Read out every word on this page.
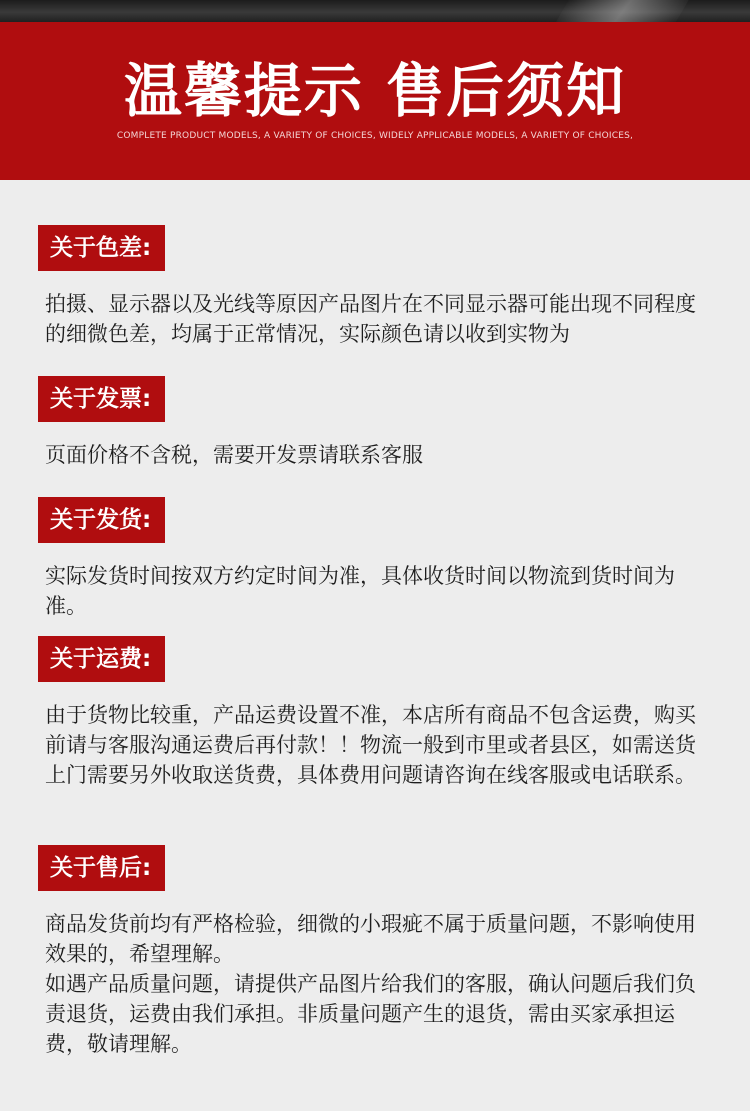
温馨提示 售后须知
COMPLETE PRODUCT MODELS, A VARIETY OF CHOICES, WIDELY APPLICABLE MODELS, A VARIETY OF CHOICES,
关于色差:

拍摄、显示器以及光线等原因产品图片在不同显示器可能出现不同程度的细微色差，均属于正常情况，实际颜色请以收到实物为

关于发票:

页面价格不含税，需要开发票请联系客服

关于发货:

实际发货时间按双方约定时间为准，具体收货时间以物流到货时间为准。

关于运费:

由于货物比较重，产品运费设置不准，本店所有商品不包含运费，购买前请与客服沟通运费后再付款！！物流一般到市里或者县区，如需送货上门需要另外收取送货费，具体费用问题请咨询在线客服或电话联系。

关于售后:

商品发货前均有严格检验，细微的小瑕疵不属于质量问题，不影响使用效果的，希望理解。

如遇产品质量问题，请提供产品图片给我们的客服，确认问题后我们负责退货，运费由我们承担。非质量问题产生的退货，需由买家承担运费，敬请理解。
